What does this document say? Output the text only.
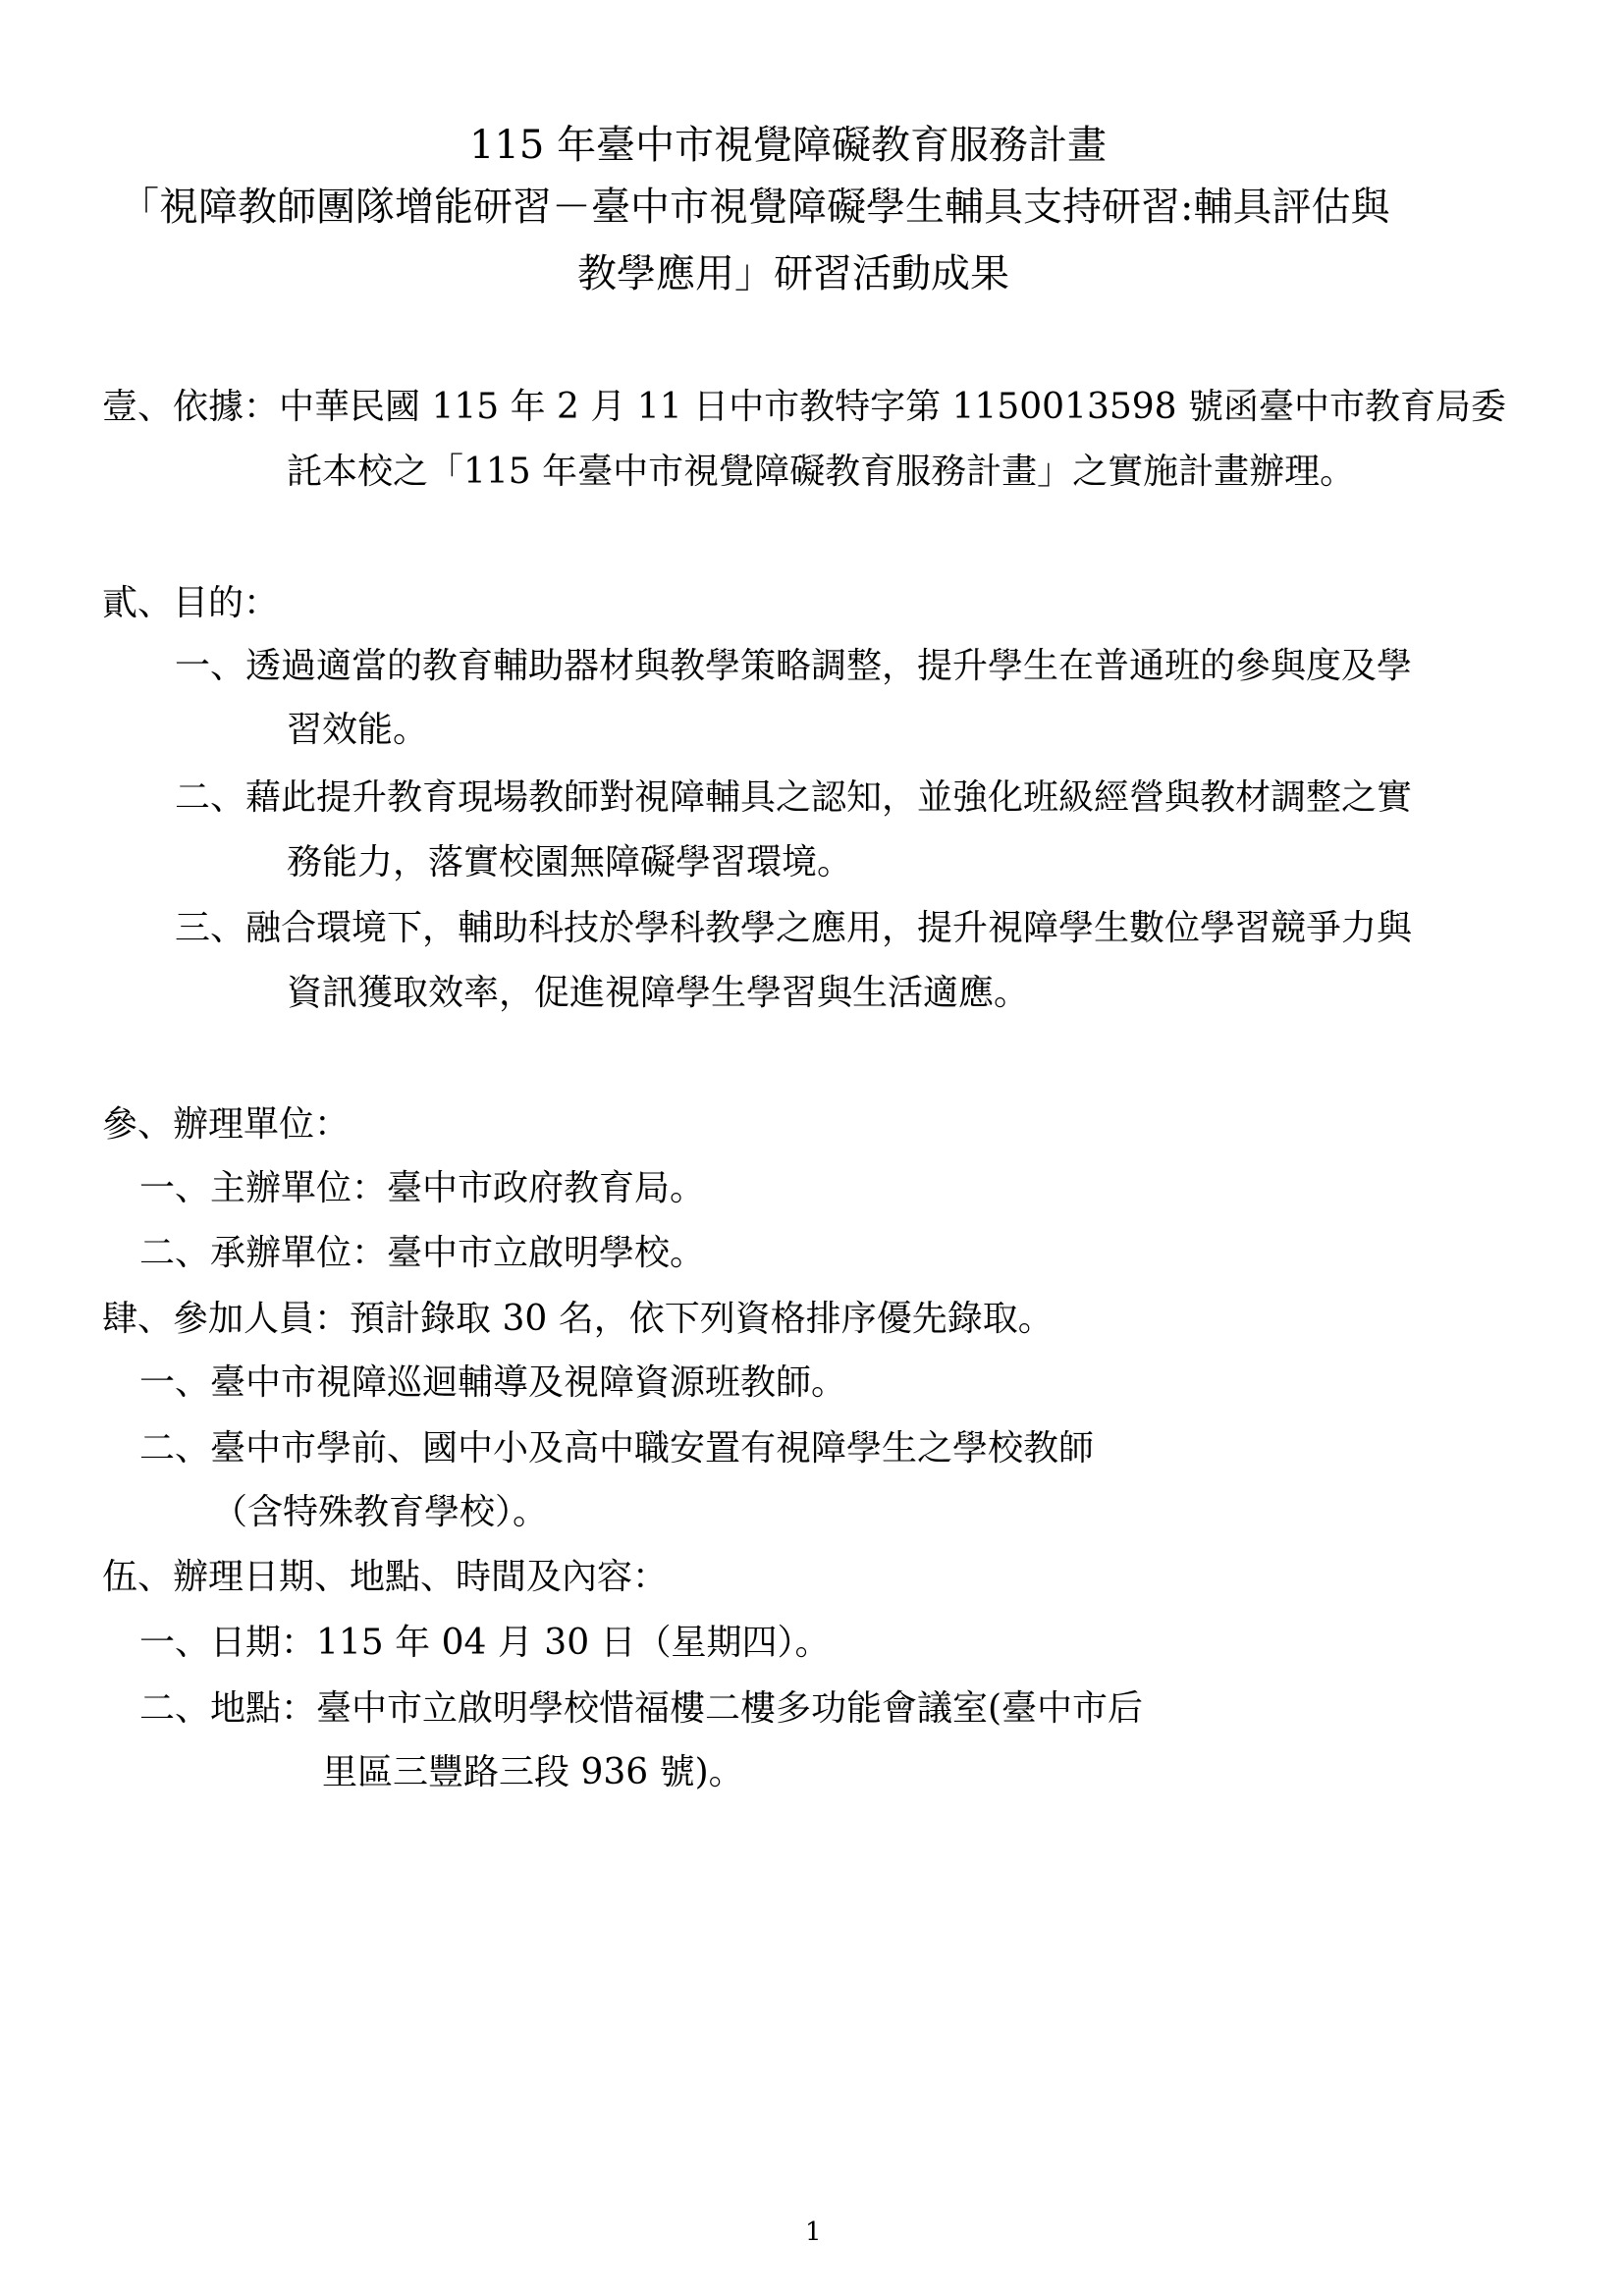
115 年臺中市視覺障礙教育服務計畫
「視障教師團隊增能研習－臺中市視覺障礙學生輔具支持研習:輔具評估與
教學應用」研習活動成果
壹、依據：中華民國 115 年 2 月 11 日中市教特字第 1150013598 號函臺中市教育局委
託本校之「115 年臺中市視覺障礙教育服務計畫」之實施計畫辦理。
貳、目的：
一、透過適當的教育輔助器材與教學策略調整，提升學生在普通班的參與度及學
習效能。
二、藉此提升教育現場教師對視障輔具之認知，並強化班級經營與教材調整之實
務能力，落實校園無障礙學習環境。
三、融合環境下，輔助科技於學科教學之應用，提升視障學生數位學習競爭力與
資訊獲取效率，促進視障學生學習與生活適應。
參、辦理單位：
一、主辦單位：臺中市政府教育局。
二、承辦單位：臺中市立啟明學校。
肆、參加人員：預計錄取 30 名，依下列資格排序優先錄取。
一、臺中市視障巡迴輔導及視障資源班教師。
二、臺中市學前、國中小及高中職安置有視障學生之學校教師
（含特殊教育學校）。
伍、辦理日期、地點、時間及內容：
一、日期：115 年 04 月 30 日（星期四）。
二、地點：臺中市立啟明學校惜福樓二樓多功能會議室(臺中市后
里區三豐路三段 936 號)。
1
